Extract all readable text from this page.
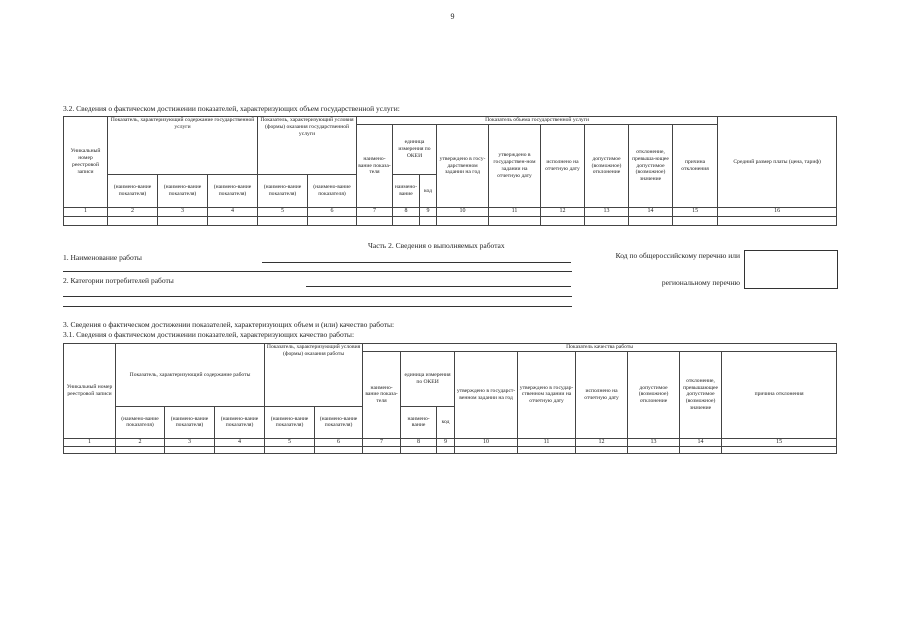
9
3.2. Сведения о фактическом достижении показателей, характеризующих объем государственной услуги:
Уникальный номер реестровой записи	Показатель, характеризующий содержание государственной услуги			Показатель, характеризующий условия (формы) оказания государственной услуги		Показатель объема государственной услуги									Средний размер платы (цена, тариф)
						наимено-вание показа-теля	единица измерения по ОКЕИ		утверждено в госу-дарственном задании на год	утверждено в государствен-ном задании на отчетную дату	исполнено на отчетную дату	допустимое (возможное) отклонение	отклонение, превыша-ющее допустимое (возможное) значение	причина отклонения	
	(наимено-вание показателя)	(наимено-вание показателя)	(наимено-вание показателя)	(наимено-вание показателя)	(наимено-вание показателя)		наимено-вание	код							
1	2	3	4	5	6	7	8	9	10	11	12	13	14	15	16

Часть 2. Сведения о выполняемых работах
1. Наименование работы
2. Категории потребителей работы
Код по общероссийскому перечню или
региональному перечню
3. Сведения о фактическом достижении показателей, характеризующих объем и (или) качество работы:
3.1. Сведения о фактическом достижении показателей, характеризующих качество работы:
Уникальный номер реестровой записи	Показатель, характеризующий содержание работы			Показатель, характеризующий условия (формы) оказания работы		Показатель качества работы								
						наимено-вание показа-теля	единица измерения по ОКЕИ		утверждено в государст-венном задании на год	утверждено в государ-ственном задании на отчетную дату	исполнено на отчетную дату	допустимое (возможное) отклонение	отклонение, превышающее допустимое (возможное) значение	причина отклонения
	(наимено-вание показателя)	(наимено-вание показателя)	(наимено-вание показателя)	(наимено-вание показателя)	(наимено-вание показателя)		наимено-вание	код						
1	2	3	4	5	6	7	8	9	10	11	12	13	14	15
